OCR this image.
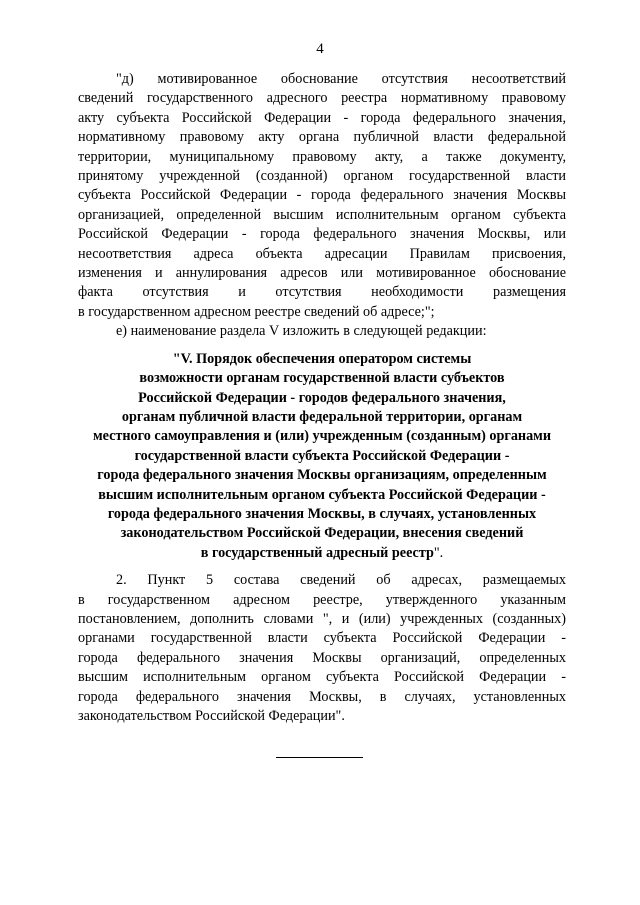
4

"д) мотивированное обоснование отсутствия несоответствий

сведений государственного адресного реестра нормативному правовому

акту субъекта Российской Федерации - города федерального значения,

нормативному правовому акту органа публичной власти федеральной

территории, муниципальному правовому акту, а также документу,

принятому учрежденной (созданной) органом государственной власти

субъекта Российской Федерации - города федерального значения Москвы

организацией, определенной высшим исполнительным органом субъекта

Российской Федерации - города федерального значения Москвы, или

несоответствия адреса объекта адресации Правилам присвоения,

изменения и аннулирования адресов или мотивированное обоснование

факта отсутствия и отсутствия необходимости размещения

в государственном адресном реестре сведений об адресе;";

е) наименование раздела V изложить в следующей редакции:

"V. Порядок обеспечения оператором системы
возможности органам государственной власти субъектов
Российской Федерации - городов федерального значения,
органам публичной власти федеральной территории, органам
местного самоуправления и (или) учрежденным (созданным) органами
государственной власти субъекта Российской Федерации -
города федерального значения Москвы организациям, определенным
высшим исполнительным органом субъекта Российской Федерации -
города федерального значения Москвы, в случаях, установленных
законодательством Российской Федерации, внесения сведений
в государственный адресный реестр".

2. Пункт 5 состава сведений об адресах, размещаемых

в государственном адресном реестре, утвержденного указанным

постановлением, дополнить словами ", и (или) учрежденных (созданных)

органами государственной власти субъекта Российской Федерации -

города федерального значения Москвы организаций, определенных

высшим исполнительным органом субъекта Российской Федерации -

города федерального значения Москвы, в случаях, установленных

законодательством Российской Федерации".
